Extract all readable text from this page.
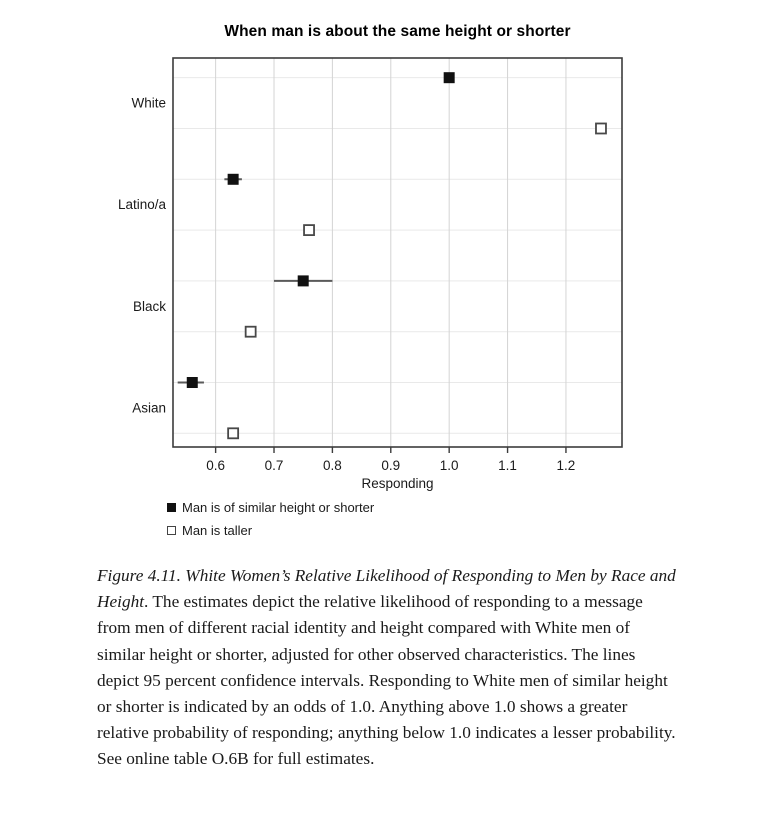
When man is about the same height or shorter
0.6	0.7	0.8	0.9	1.0	1.1	1.2
White
Latino/a
Black
Asian
Responding
Man is of similar height or shorter
Man is taller
Figure 4.11. White Women’s Relative Likelihood of Responding to Men by Race and Height. The estimates depict the relative likelihood of responding to a message from men of different racial identity and height compared with White men of similar height or shorter, adjusted for other observed characteristics. The lines depict 95 percent confidence intervals. Responding to White men of similar height or shorter is indicated by an odds of 1.0. Anything above 1.0 shows a greater relative probability of responding; anything below 1.0 indicates a lesser probability. See online table O.6B for full estimates.
